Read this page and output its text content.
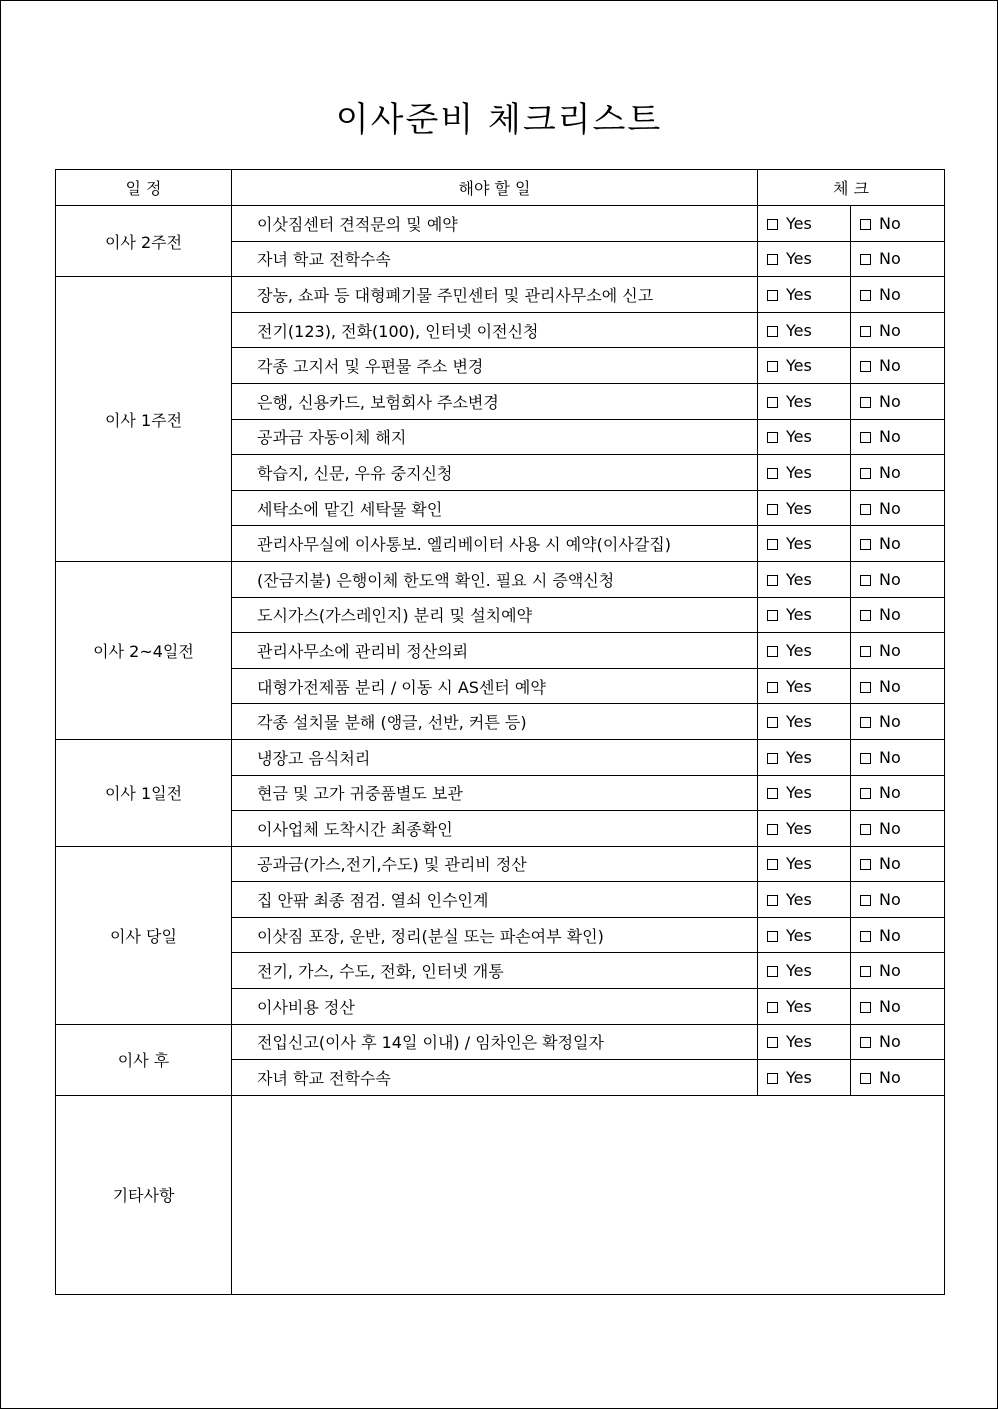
이사준비 체크리스트
일 정	해야 할 일	체 크	
이사 2주전	이삿짐센터 견적문의 및 예약	Yes	No
	자녀 학교 전학수속	Yes	No
이사 1주전	장농, 쇼파 등 대형폐기물 주민센터 및 관리사무소에 신고	Yes	No
	전기(123), 전화(100), 인터넷 이전신청	Yes	No
	각종 고지서 및 우편물 주소 변경	Yes	No
	은행, 신용카드, 보험회사 주소변경	Yes	No
	공과금 자동이체 해지	Yes	No
	학습지, 신문, 우유 중지신청	Yes	No
	세탁소에 맡긴 세탁물 확인	Yes	No
	관리사무실에 이사통보. 엘리베이터 사용 시 예약(이사갈집)	Yes	No
이사 2~4일전	(잔금지불) 은행이체 한도액 확인. 필요 시 증액신청	Yes	No
	도시가스(가스레인지) 분리 및 설치예약	Yes	No
	관리사무소에 관리비 정산의뢰	Yes	No
	대형가전제품 분리 / 이동 시 AS센터 예약	Yes	No
	각종 설치물 분해 (앵글, 선반, 커튼 등)	Yes	No
이사 1일전	냉장고 음식처리	Yes	No
	현금 및 고가 귀중품별도 보관	Yes	No
	이사업체 도착시간 최종확인	Yes	No
이사 당일	공과금(가스,전기,수도) 및 관리비 정산	Yes	No
	집 안팎 최종 점검. 열쇠 인수인계	Yes	No
	이삿짐 포장, 운반, 정리(분실 또는 파손여부 확인)	Yes	No
	전기, 가스, 수도, 전화, 인터넷 개통	Yes	No
	이사비용 정산	Yes	No
이사 후	전입신고(이사 후 14일 이내) / 임차인은 확정일자	Yes	No
	자녀 학교 전학수속	Yes	No
기타사항			
